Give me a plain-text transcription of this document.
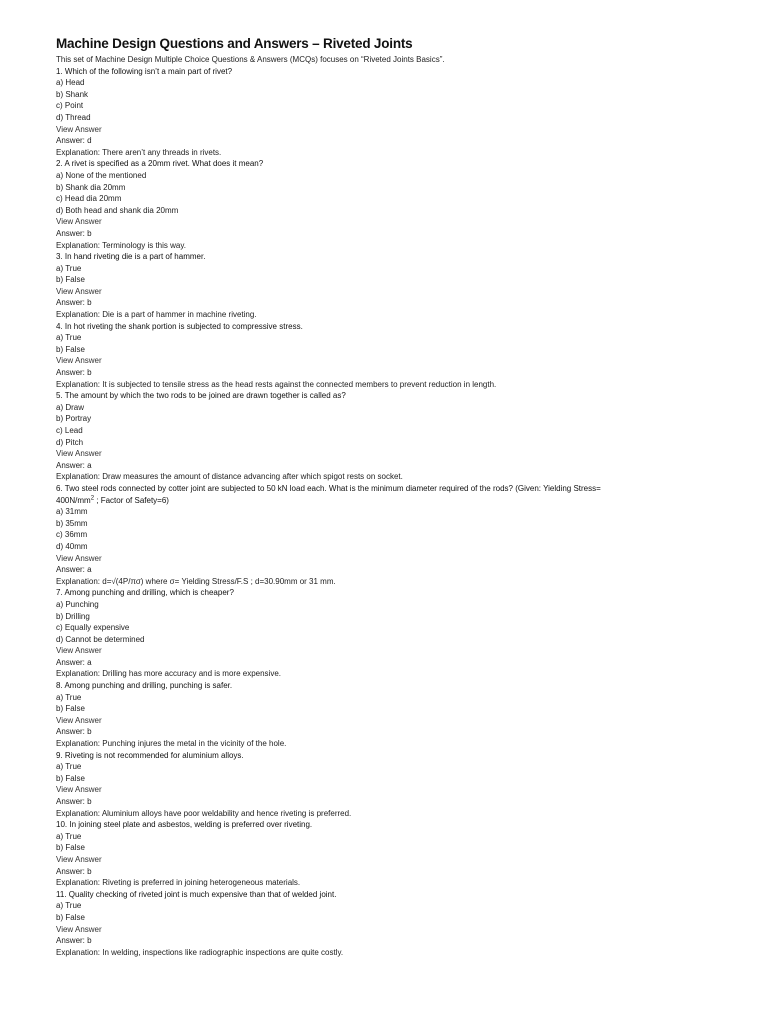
Machine Design Questions and Answers – Riveted Joints
This set of Machine Design Multiple Choice Questions & Answers (MCQs) focuses on “Riveted Joints Basics”.
1. Which of the following isn’t a main part of rivet?
a) Head
b) Shank
c) Point
d) Thread
View Answer
Answer: d
Explanation: There aren’t any threads in rivets.
2. A rivet is specified as a 20mm rivet. What does it mean?
a) None of the mentioned
b) Shank dia 20mm
c) Head dia 20mm
d) Both head and shank dia 20mm
View Answer
Answer: b
Explanation: Terminology is this way.
3. In hand riveting die is a part of hammer.
a) True
b) False
View Answer
Answer: b
Explanation: Die is a part of hammer in machine riveting.
4. In hot riveting the shank portion is subjected to compressive stress.
a) True
b) False
View Answer
Answer: b
Explanation: It is subjected to tensile stress as the head rests against the connected members to prevent reduction in length.
5. The amount by which the two rods to be joined are drawn together is called as?
a) Draw
b) Portray
c) Lead
d) Pitch
View Answer
Answer: a
Explanation: Draw measures the amount of distance advancing after which spigot rests on socket.
6. Two steel rods connected by cotter joint are subjected to 50 kN load each. What is the minimum diameter required of the rods? (Given: Yielding Stress=
$400N/mm^2$ ; Factor of Safety=6)
a) 31mm
b) 35mm
c) 36mm
d) 40mm
View Answer
Answer: a
Explanation: d=√(4P/πσ) where σ= Yielding Stress/F.S ; d=30.90mm or 31 mm.
7. Among punching and drilling, which is cheaper?
a) Punching
b) Drilling
c) Equally expensive
d) Cannot be determined
View Answer
Answer: a
Explanation: Drilling has more accuracy and is more expensive.
8. Among punching and drilling, punching is safer.
a) True
b) False
View Answer
Answer: b
Explanation: Punching injures the metal in the vicinity of the hole.
9. Riveting is not recommended for aluminium alloys.
a) True
b) False
View Answer
Answer: b
Explanation: Aluminium alloys have poor weldability and hence riveting is preferred.
10. In joining steel plate and asbestos, welding is preferred over riveting.
a) True
b) False
View Answer
Answer: b
Explanation: Riveting is preferred in joining heterogeneous materials.
11. Quality checking of riveted joint is much expensive than that of welded joint.
a) True
b) False
View Answer
Answer: b
Explanation: In welding, inspections like radiographic inspections are quite costly.
